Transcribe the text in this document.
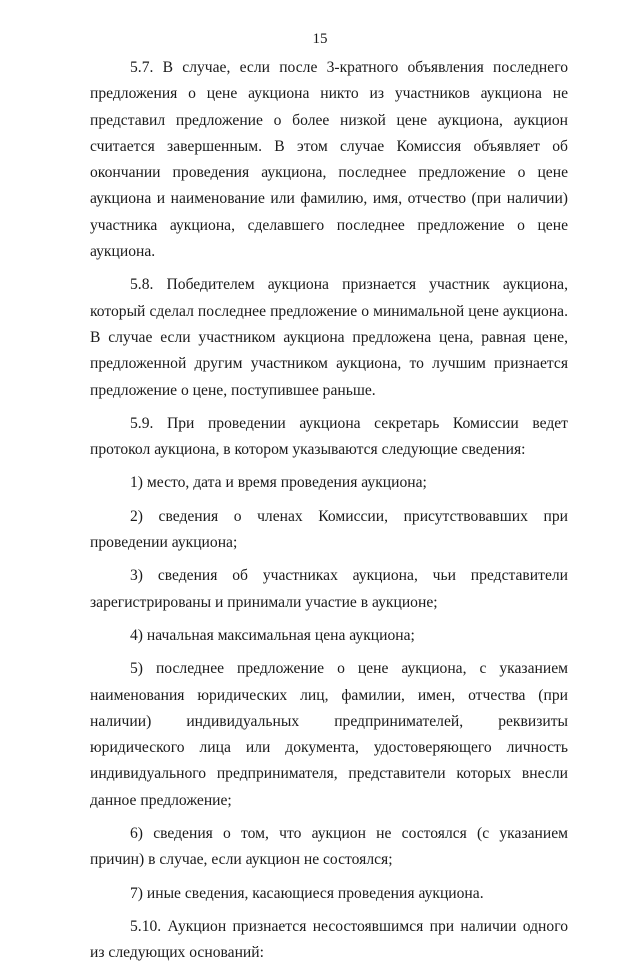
15

5.7. В случае, если после 3-кратного объявления последнего предложения о цене аукциона никто из участников аукциона не представил предложение о более низкой цене аукциона, аукцион считается завершенным. В этом случае Комиссия объявляет об окончании проведения аукциона, последнее предложение о цене аукциона и наименование или фамилию, имя, отчество (при наличии) участника аукциона, сделавшего последнее предложение о цене аукциона.

5.8. Победителем аукциона признается участник аукциона, который сделал последнее предложение о минимальной цене аукциона. В случае если участником аукциона предложена цена, равная цене, предложенной другим участником аукциона, то лучшим признается предложение о цене, поступившее раньше.

5.9. При проведении аукциона секретарь Комиссии ведет протокол аукциона, в котором указываются следующие сведения:

1) место, дата и время проведения аукциона;

2) сведения о членах Комиссии, присутствовавших при проведении аукциона;

3) сведения об участниках аукциона, чьи представители зарегистрированы и принимали участие в аукционе;

4) начальная максимальная цена аукциона;

5) последнее предложение о цене аукциона, с указанием наименования юридических лиц, фамилии, имен, отчества (при наличии) индивидуальных предпринимателей, реквизиты юридического лица или документа, удостоверяющего личность индивидуального предпринимателя, представители которых внесли данное предложение;

6) сведения о том, что аукцион не состоялся (с указанием причин) в случае, если аукцион не состоялся;

7) иные сведения, касающиеся проведения аукциона.

5.10. Аукцион признается несостоявшимся при наличии одного из следующих оснований:
